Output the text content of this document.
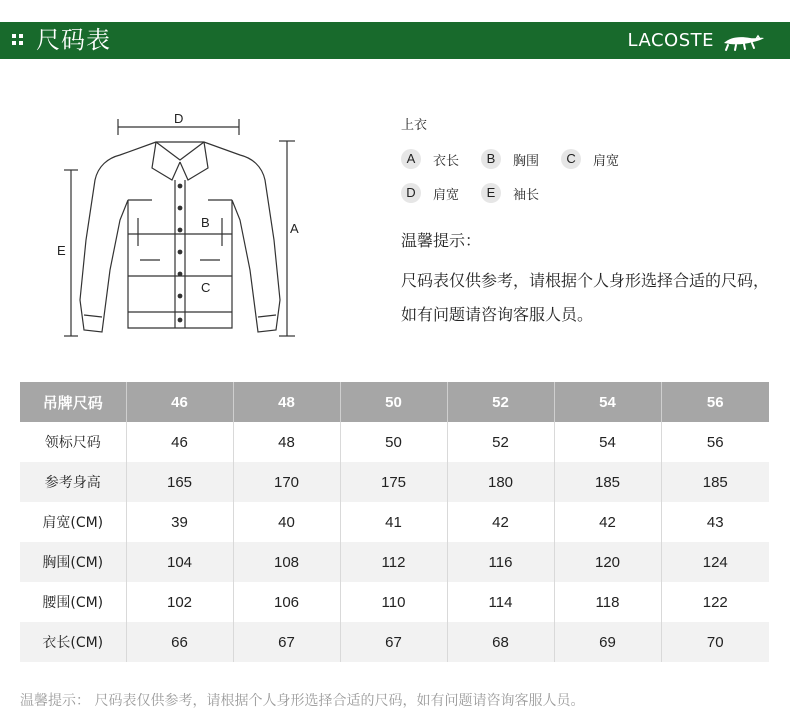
尺码表	LACOSTE
D
B
C
A
E
上衣
A	衣长	B	胸围	C	肩宽
D	肩宽	E	袖长
温馨提示：
尺码表仅供参考，请根据个人身形选择合适的尺码，如有问题请咨询客服人员。
吊牌尺码	46	48	50	52	54	56
领标尺码	46	48	50	52	54	56
参考身高	165	170	175	180	185	185
肩宽(CM)	39	40	41	42	42	43
胸围(CM)	104	108	112	116	120	124
腰围(CM)	102	106	110	114	118	122
衣长(CM)	66	67	67	68	69	70
温馨提示： 尺码表仅供参考，请根据个人身形选择合适的尺码，如有问题请咨询客服人员。
